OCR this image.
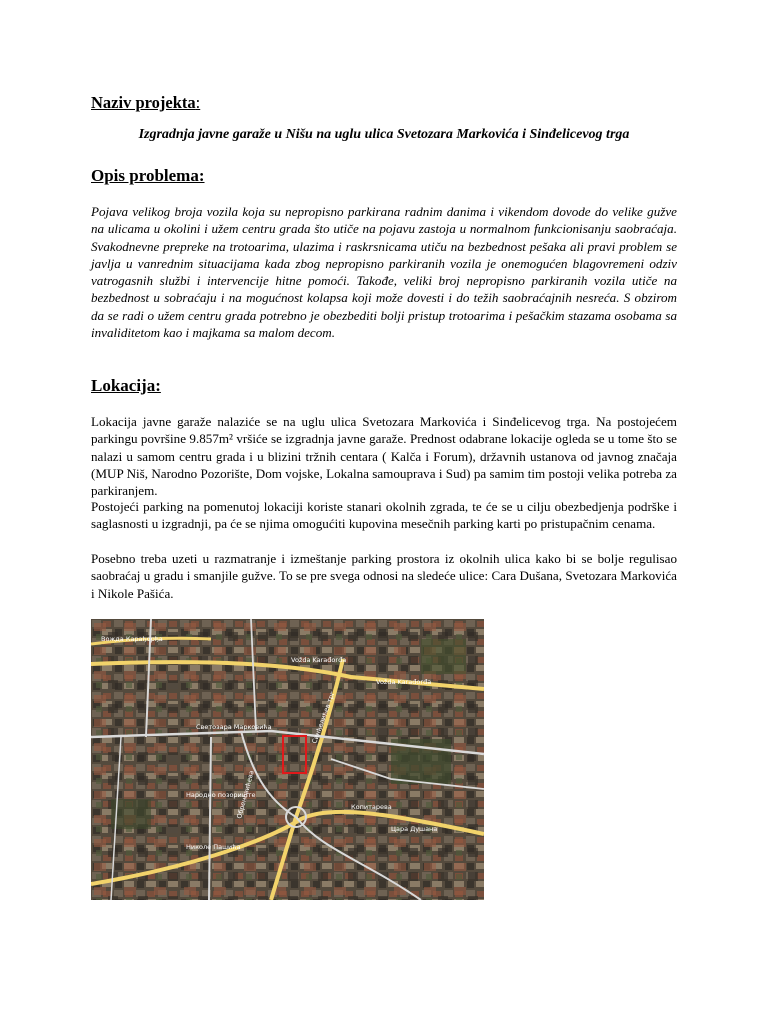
Naziv projekta:

Izgradnja javne garaže u Nišu na uglu ulica Svetozara Markovića i Sinđelicevog trga

Opis problema:

Pojava velikog broja vozila koja su nepropisno parkirana radnim danima i vikendom dovode do velike gužve na ulicama u okolini i užem centru grada što utiče na pojavu zastoja u normalnom funkcionisanju saobraćaja. Svakodnevne prepreke na trotoarima, ulazima i raskrsnicama utiču na bezbednost pešaka ali pravi problem se javlja u vanrednim situacijama kada zbog nepropisno parkiranih vozila je onemogućen blagovremeni odziv vatrogasnih službi i intervencije hitne pomoći. Takođe, veliki broj nepropisno parkiranih vozila utiče na bezbednost u sobraćaju i na mogućnost kolapsa koji može dovesti i do težih saobraćajnih nesreća. S obzirom da se radi o užem centru grada potrebno je obezbediti bolji pristup trotoarima i pešačkim stazama osobama sa invaliditetom kao i majkama sa malom decom.

Lokacija:

Lokacija javne garaže nalaziće se na uglu ulica Svetozara Markovića i Sinđelicevog trga. Na postojećem parkingu površine 9.857m² vršiće se izgradnja javne garaže. Prednost odabrane lokacije ogleda se u tome što se nalazi u samom centru grada i u blizini tržnih centara ( Kalča i Forum), državnih ustanova od javnog značaja (MUP Niš, Narodno Pozorište, Dom vojske, Lokalna samouprava i Sud) pa samim tim postoji velika potreba za parkiranjem.

Postojeći parking na pomenutoj lokaciji koriste stanari okolnih zgrada, te će se u cilju obezbedjenja podrške i saglasnosti u izgradnji, pa će se njima omogućiti kupovina mesečnih parking karti po pristupačnim cenama.

Posebno treba uzeti u razmatranje i izmeštanje parking prostora iz okolnih ulica kako bi se bolje regulisao saobraćaj u gradu i smanjile gužve. To se pre svega odnosi na sledeće ulice: Cara Dušana, Svetozara Markovića i Nikole Pašića.

Вожда Карађорђа
Vožda Karađorđa
Vožda Karađorđa
Светозара Марковића
Николе Пашића
Цара Душана
Обреновићева	Копитарева
Синђелићев трг
Народно позориште
